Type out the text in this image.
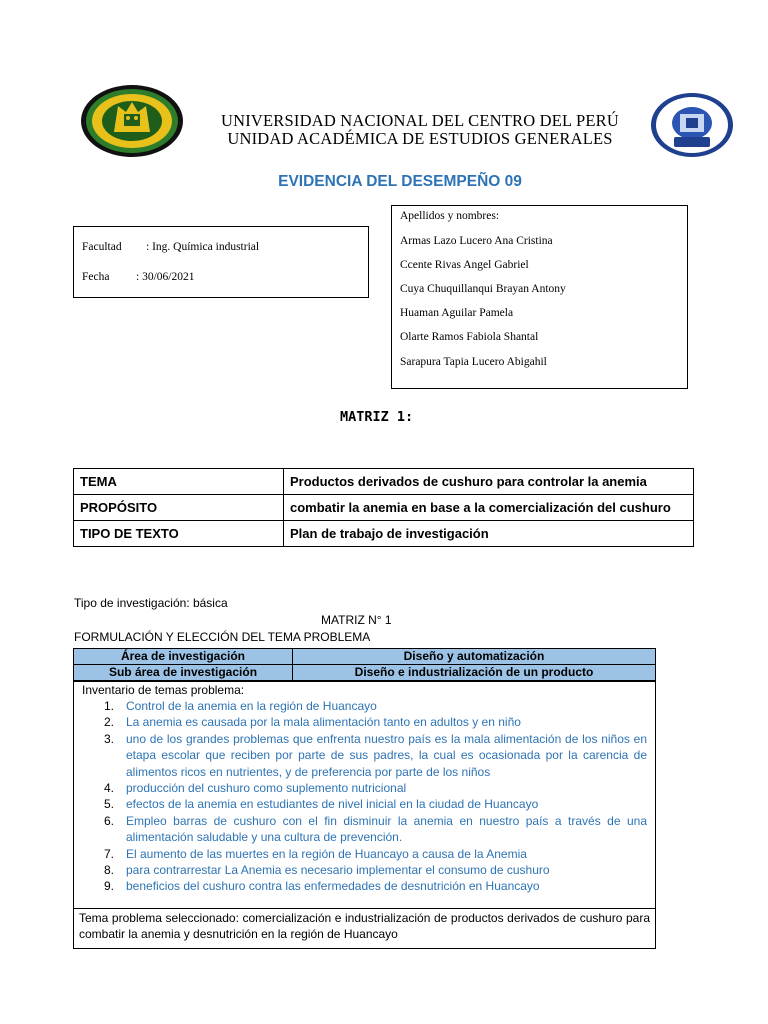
UNIVERSIDAD NACIONAL DEL CENTRO DEL PERÚ
UNIDAD ACADÉMICA DE ESTUDIOS GENERALES
EVIDENCIA DEL DESEMPEÑO 09
Facultad : Ing. Química industrial
Fecha : 30/06/2021
Apellidos y nombres:
Armas Lazo Lucero Ana Cristina
Ccente Rivas Angel Gabriel
Cuya Chuquillanqui Brayan Antony
Huaman Aguilar Pamela
Olarte Ramos Fabiola Shantal
Sarapura Tapia Lucero Abigahil
MATRIZ 1:
TEMA	Productos derivados de cushuro para controlar la anemia
PROPÓSITO	combatir la anemia en base a la comercialización del cushuro
TIPO DE TEXTO	Plan de trabajo de investigación
Tipo de investigación: básica
MATRIZ N° 1
FORMULACIÓN Y ELECCIÓN DEL TEMA PROBLEMA
Área de investigación	Diseño y automatización
Sub área de investigación	Diseño e industrialización de un producto
Inventario de temas problema:
1. Control de la anemia en la región de Huancayo
2. La anemia es causada por la mala alimentación tanto en adultos y en niño
3. uno de los grandes problemas que enfrenta nuestro país es la mala alimentación de los niños en etapa escolar que reciben por parte de sus padres, la cual es ocasionada por la carencia de alimentos ricos en nutrientes, y de preferencia por parte de los niños
4. producción del cushuro como suplemento nutricional
5. efectos de la anemia en estudiantes de nivel inicial en la ciudad de Huancayo
6. Empleo barras de cushuro con el fin disminuir la anemia en nuestro país a través de una alimentación saludable y una cultura de prevención.
7. El aumento de las muertes en la región de Huancayo a causa de la Anemia
8. para contrarrestar La Anemia es necesario implementar el consumo de cushuro
9. beneficios del cushuro contra las enfermedades de desnutrición en Huancayo
Tema problema seleccionado: comercialización e industrialización de productos derivados de cushuro para combatir la anemia y desnutrición en la región de Huancayo
